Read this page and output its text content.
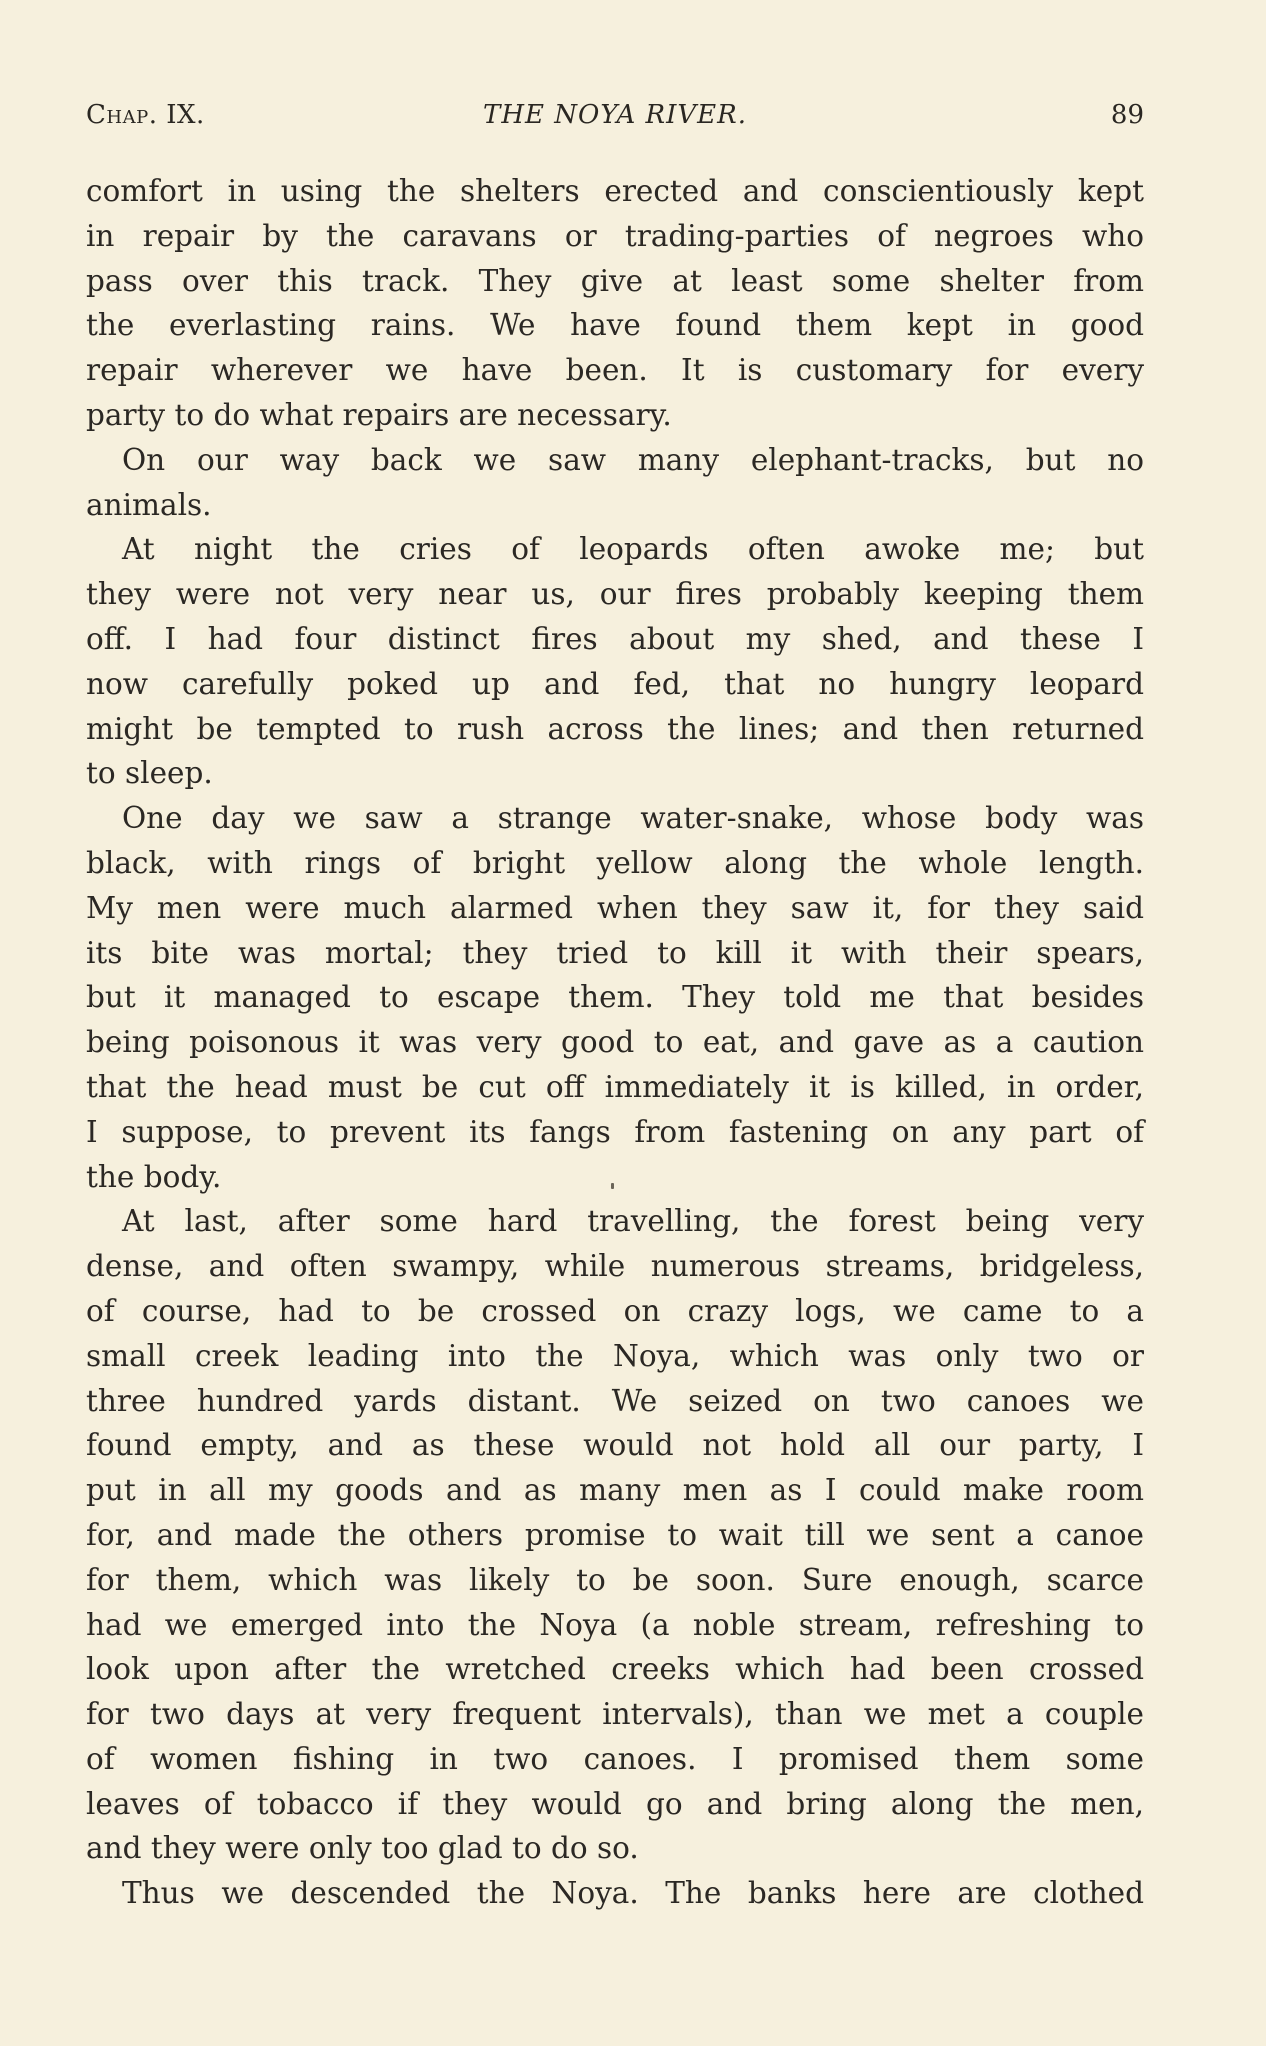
Chap. IX.	THE NOYA RIVER.	89
comfort in using the shelters erected and conscientiously kept
in repair by the caravans or trading-parties of negroes who
pass over this track. They give at least some shelter from
the everlasting rains. We have found them kept in good
repair wherever we have been. It is customary for every
party to do what repairs are necessary.
On our way back we saw many elephant-tracks, but no
animals.
At night the cries of leopards often awoke me; but
they were not very near us, our fires probably keeping them
off. I had four distinct fires about my shed, and these I
now carefully poked up and fed, that no hungry leopard
might be tempted to rush across the lines; and then returned
to sleep.
One day we saw a strange water-snake, whose body was
black, with rings of bright yellow along the whole length.
My men were much alarmed when they saw it, for they said
its bite was mortal; they tried to kill it with their spears,
but it managed to escape them. They told me that besides
being poisonous it was very good to eat, and gave as a caution
that the head must be cut off immediately it is killed, in order,
I suppose, to prevent its fangs from fastening on any part of
the body.
At last, after some hard travelling, the forest being very
dense, and often swampy, while numerous streams, bridgeless,
of course, had to be crossed on crazy logs, we came to a
small creek leading into the Noya, which was only two or
three hundred yards distant. We seized on two canoes we
found empty, and as these would not hold all our party, I
put in all my goods and as many men as I could make room
for, and made the others promise to wait till we sent a canoe
for them, which was likely to be soon. Sure enough, scarce
had we emerged into the Noya (a noble stream, refreshing to
look upon after the wretched creeks which had been crossed
for two days at very frequent intervals), than we met a couple
of women fishing in two canoes. I promised them some
leaves of tobacco if they would go and bring along the men,
and they were only too glad to do so.
Thus we descended the Noya. The banks here are clothed
